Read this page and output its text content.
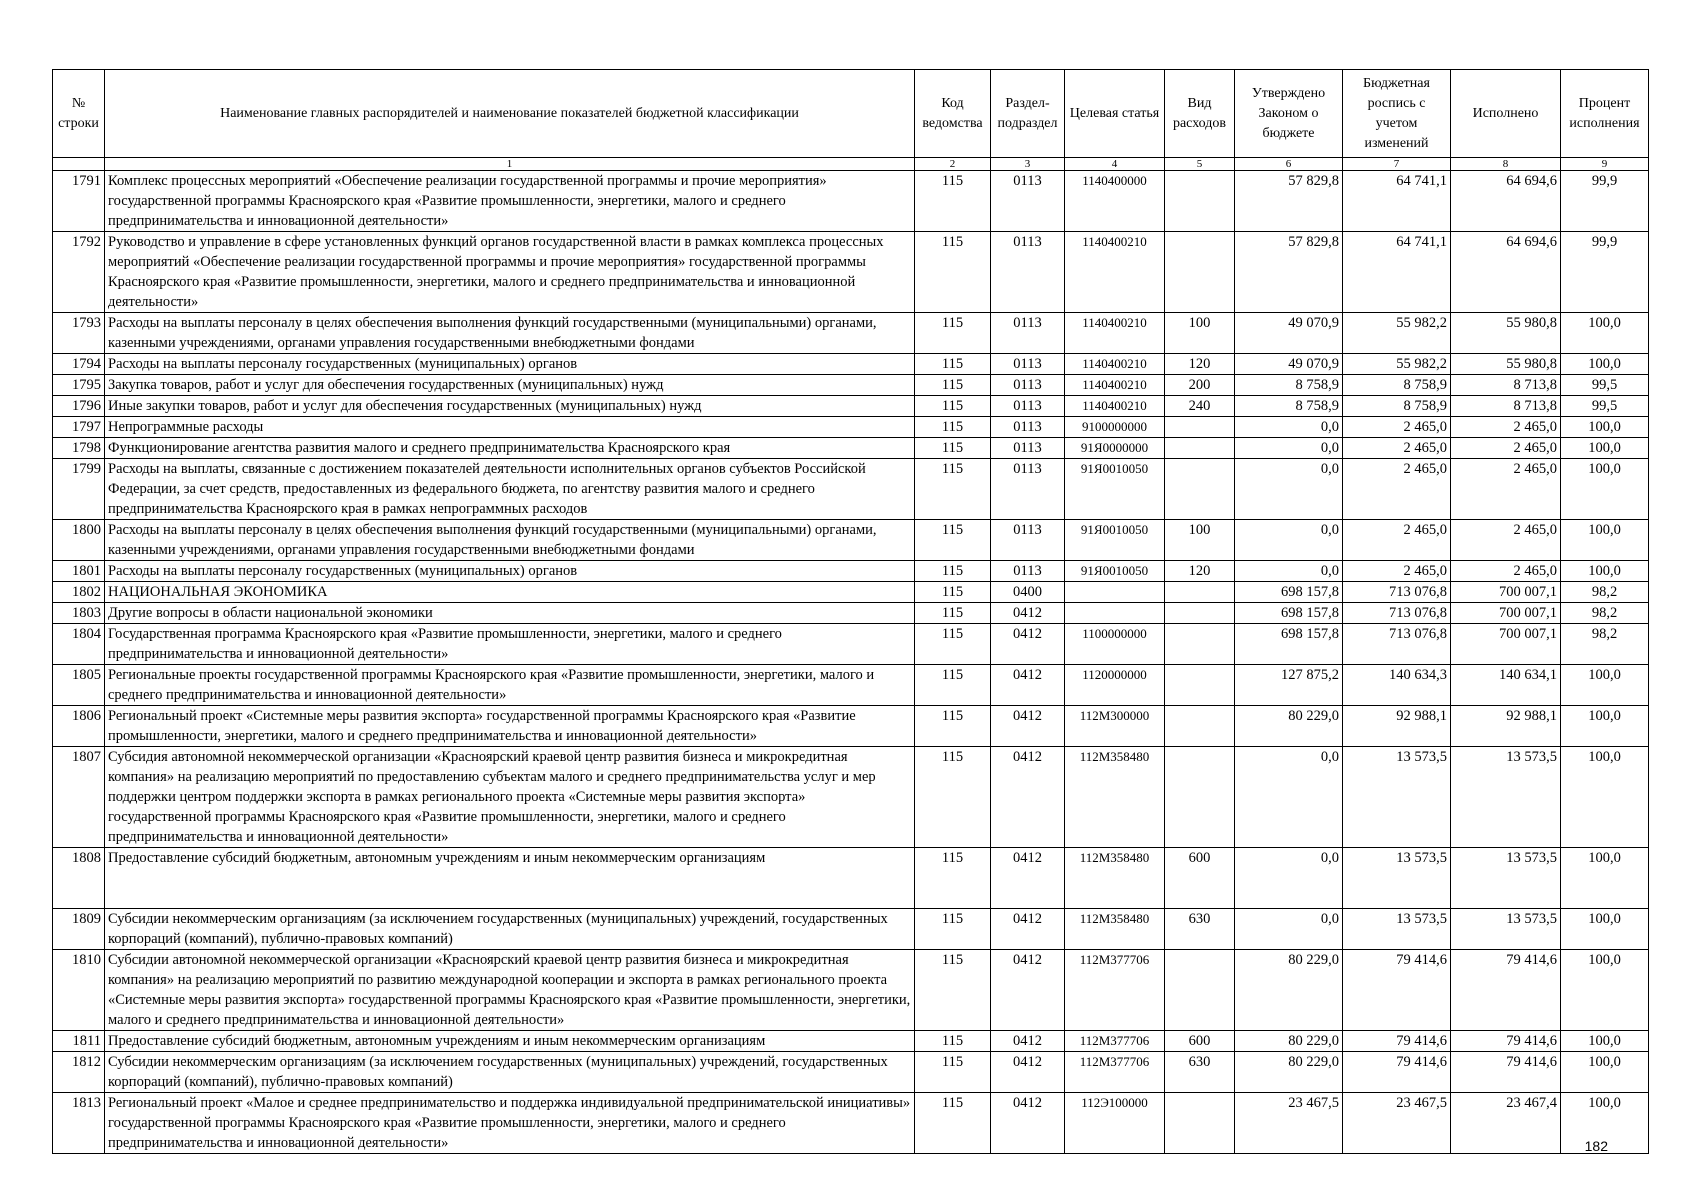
№ строки	Наименование главных распорядителей и наименование показателей бюджетной классификации	Код ведомства	Раздел-подраздел	Целевая статья	Вид расходов	Утверждено Законом о бюджете	Бюджетная роспись с учетом изменений	Исполнено	Процент исполнения
	1	2	3	4	5	6	7	8	9
1791	Комплекс процессных мероприятий «Обеспечение реализации государственной программы и прочие мероприятия» государственной программы Красноярского края «Развитие промышленности, энергетики, малого и среднего предпринимательства и инновационной деятельности»	115	0113	1140400000		57 829,8	64 741,1	64 694,6	99,9
1792	Руководство и управление в сфере установленных функций органов государственной власти в рамках комплекса процессных мероприятий «Обеспечение реализации государственной программы и прочие мероприятия» государственной программы Красноярского края «Развитие промышленности, энергетики, малого и среднего предпринимательства и инновационной деятельности»	115	0113	1140400210		57 829,8	64 741,1	64 694,6	99,9
1793	Расходы на выплаты персоналу в целях обеспечения выполнения функций государственными (муниципальными) органами, казенными учреждениями, органами управления государственными внебюджетными фондами	115	0113	1140400210	100	49 070,9	55 982,2	55 980,8	100,0
1794	Расходы на выплаты персоналу государственных (муниципальных) органов	115	0113	1140400210	120	49 070,9	55 982,2	55 980,8	100,0
1795	Закупка товаров, работ и услуг для обеспечения государственных (муниципальных) нужд	115	0113	1140400210	200	8 758,9	8 758,9	8 713,8	99,5
1796	Иные закупки товаров, работ и услуг для обеспечения государственных (муниципальных) нужд	115	0113	1140400210	240	8 758,9	8 758,9	8 713,8	99,5
1797	Непрограммные расходы	115	0113	9100000000		0,0	2 465,0	2 465,0	100,0
1798	Функционирование агентства развития малого и среднего предпринимательства Красноярского края	115	0113	91Я0000000		0,0	2 465,0	2 465,0	100,0
1799	Расходы на выплаты, связанные с достижением показателей деятельности исполнительных органов субъектов Российской Федерации, за счет средств, предоставленных из федерального бюджета, по агентству развития малого и среднего предпринимательства Красноярского края в рамках непрограммных расходов	115	0113	91Я0010050		0,0	2 465,0	2 465,0	100,0
1800	Расходы на выплаты персоналу в целях обеспечения выполнения функций государственными (муниципальными) органами, казенными учреждениями, органами управления государственными внебюджетными фондами	115	0113	91Я0010050	100	0,0	2 465,0	2 465,0	100,0
1801	Расходы на выплаты персоналу государственных (муниципальных) органов	115	0113	91Я0010050	120	0,0	2 465,0	2 465,0	100,0
1802	НАЦИОНАЛЬНАЯ ЭКОНОМИКА	115	0400			698 157,8	713 076,8	700 007,1	98,2
1803	Другие вопросы в области национальной экономики	115	0412			698 157,8	713 076,8	700 007,1	98,2
1804	Государственная программа Красноярского края «Развитие промышленности, энергетики, малого и среднего предпринимательства и инновационной деятельности»	115	0412	1100000000		698 157,8	713 076,8	700 007,1	98,2
1805	Региональные проекты государственной программы Красноярского края «Развитие промышленности, энергетики, малого и среднего предпринимательства и инновационной деятельности»	115	0412	1120000000		127 875,2	140 634,3	140 634,1	100,0
1806	Региональный проект «Системные меры развития экспорта» государственной программы Красноярского края «Развитие промышленности, энергетики, малого и среднего предпринимательства и инновационной деятельности»	115	0412	112М300000		80 229,0	92 988,1	92 988,1	100,0
1807	Субсидия автономной некоммерческой организации «Красноярский краевой центр развития бизнеса и микрокредитная компания» на реализацию мероприятий по предоставлению субъектам малого и среднего предпринимательства услуг и мер поддержки центром поддержки экспорта в рамках регионального проекта «Системные меры развития экспорта» государственной программы Красноярского края «Развитие промышленности, энергетики, малого и среднего предпринимательства и инновационной деятельности»	115	0412	112М358480		0,0	13 573,5	13 573,5	100,0
1808	Предоставление субсидий бюджетным, автономным учреждениям и иным некоммерческим организациям	115	0412	112М358480	600	0,0	13 573,5	13 573,5	100,0
1809	Субсидии некоммерческим организациям (за исключением государственных (муниципальных) учреждений, государственных корпораций (компаний), публично-правовых компаний)	115	0412	112М358480	630	0,0	13 573,5	13 573,5	100,0
1810	Субсидии автономной некоммерческой организации «Красноярский краевой центр развития бизнеса и микрокредитная компания» на реализацию мероприятий по развитию международной кооперации и экспорта в рамках регионального проекта «Системные меры развития экспорта» государственной программы Красноярского края «Развитие промышленности, энергетики, малого и среднего предпринимательства и инновационной деятельности»	115	0412	112М377706		80 229,0	79 414,6	79 414,6	100,0
1811	Предоставление субсидий бюджетным, автономным учреждениям и иным некоммерческим организациям	115	0412	112М377706	600	80 229,0	79 414,6	79 414,6	100,0
1812	Субсидии некоммерческим организациям (за исключением государственных (муниципальных) учреждений, государственных корпораций (компаний), публично-правовых компаний)	115	0412	112М377706	630	80 229,0	79 414,6	79 414,6	100,0
1813	Региональный проект «Малое и среднее предпринимательство и поддержка индивидуальной предпринимательской инициативы» государственной программы Красноярского края «Развитие промышленности, энергетики, малого и среднего предпринимательства и инновационной деятельности»	115	0412	112Э100000		23 467,5	23 467,5	23 467,4	100,0
182
